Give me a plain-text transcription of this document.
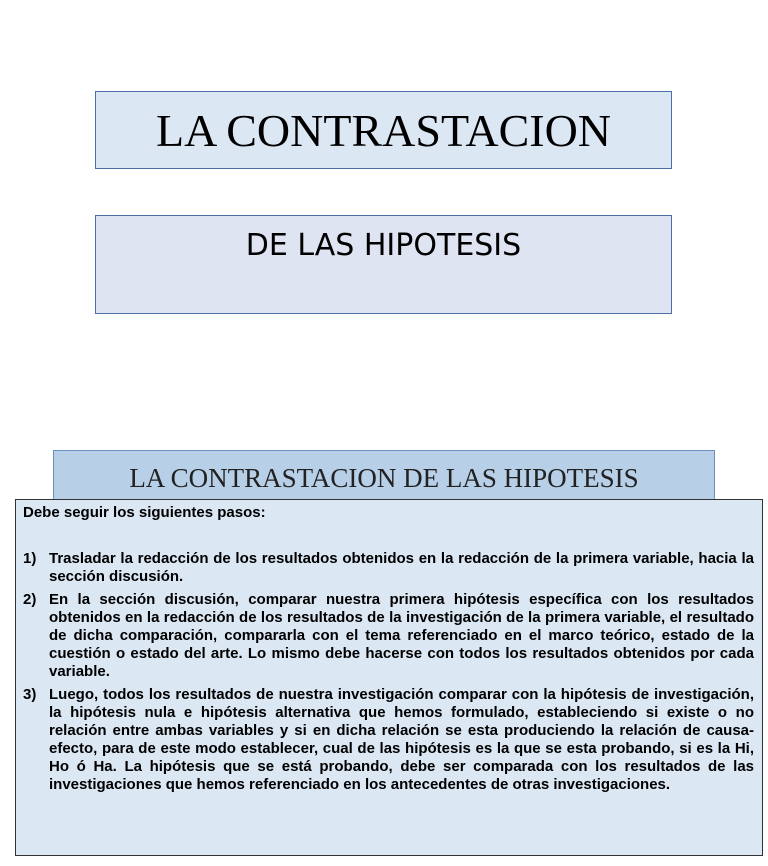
LA CONTRASTACION
DE LAS HIPOTESIS
LA CONTRASTACION DE LAS HIPOTESIS
Debe seguir los siguientes pasos:
1) Trasladar la redacción de los resultados obtenidos en la redacción de la primera variable, hacia la sección discusión.
2) En la sección discusión, comparar nuestra primera hipótesis específica con los resultados obtenidos en la redacción de los resultados de la investigación de la primera variable, el resultado de dicha comparación, compararla con el tema referenciado en el marco teórico, estado de la cuestión o estado del arte. Lo mismo debe hacerse con todos los resultados obtenidos por cada variable.
3) Luego, todos los resultados de nuestra investigación comparar con la hipótesis de investigación, la hipótesis nula e hipótesis alternativa que hemos formulado, estableciendo si existe o no relación entre ambas variables y si en dicha relación se esta produciendo la relación de causa-efecto, para de este modo establecer, cual de las hipótesis es la que se esta probando, si es la Hi, Ho ó Ha. La hipótesis que se está probando, debe ser comparada con los resultados de las investigaciones que hemos referenciado en los antecedentes de otras investigaciones.
